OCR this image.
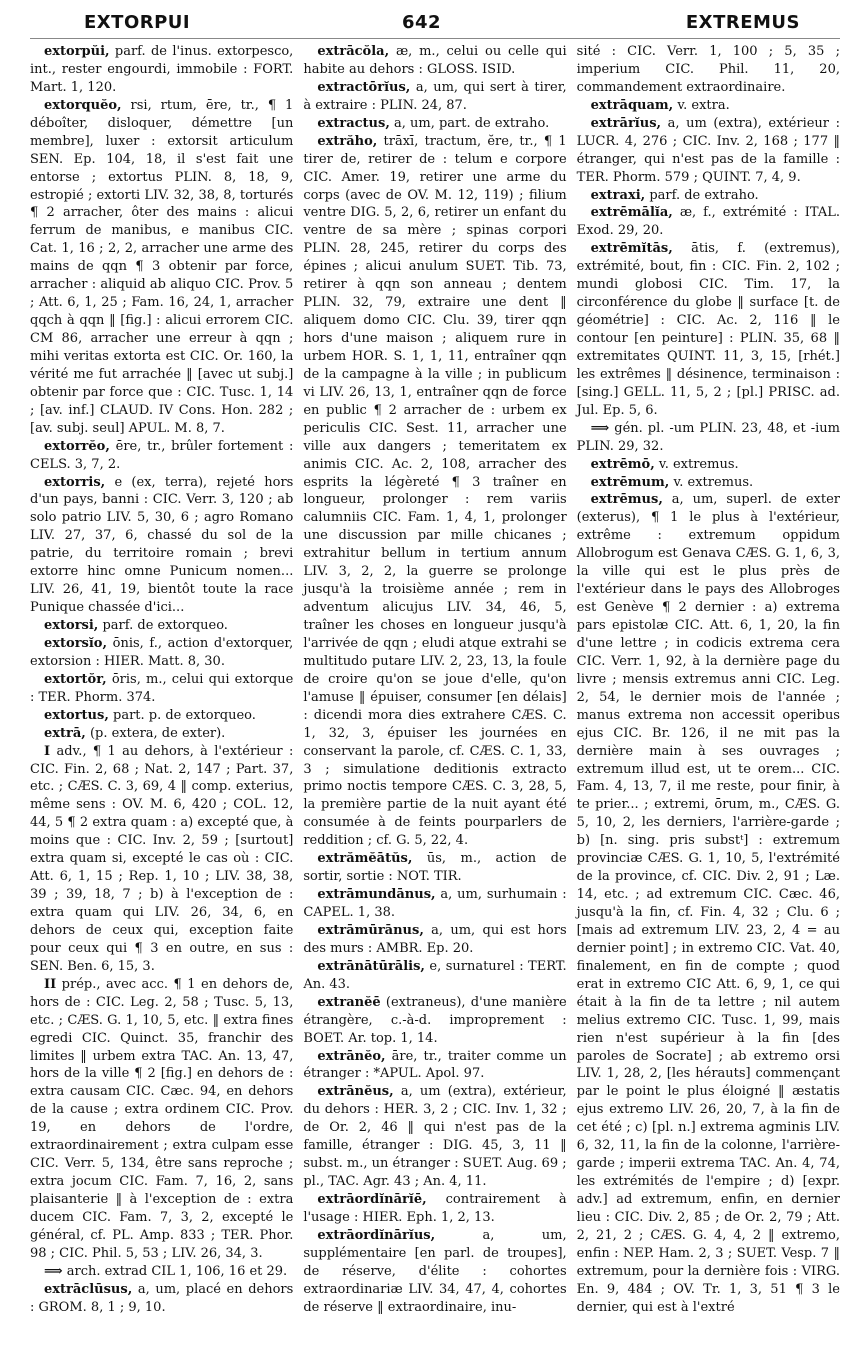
EXTORPUI	642	EXTREMUS

extorpŭi, parf. de l'inus. extorpesco, int., rester engourdi, immobile : FORT. Mart. 1, 120.

extorquĕo, rsi, rtum, ēre, tr., ¶ 1 déboîter, disloquer, démettre [un membre], luxer : extorsit articulum SEN. Ep. 104, 18, il s'est fait une entorse ; extortus PLIN. 8, 18, 9, estropié ; extorti LIV. 32, 38, 8, torturés ¶ 2 arracher, ôter des mains : alicui ferrum de manibus, e manibus CIC. Cat. 1, 16 ; 2, 2, arracher une arme des mains de qqn ¶ 3 obtenir par force, arracher : aliquid ab aliquo CIC. Prov. 5 ; Att. 6, 1, 25 ; Fam. 16, 24, 1, arracher qqch à qqn ‖ [fig.] : alicui errorem CIC. CM 86, arracher une erreur à qqn ; mihi veritas extorta est CIC. Or. 160, la vérité me fut arrachée ‖ [avec ut subj.] obtenir par force que : CIC. Tusc. 1, 14 ; [av. inf.] CLAUD. IV Cons. Hon. 282 ; [av. subj. seul] APUL. M. 8, 7.

extorrĕo, ēre, tr., brûler fortement : CELS. 3, 7, 2.

extorris, e (ex, terra), rejeté hors d'un pays, banni : CIC. Verr. 3, 120 ; ab solo patrio LIV. 5, 30, 6 ; agro Romano LIV. 27, 37, 6, chassé du sol de la patrie, du territoire romain ; brevi extorre hinc omne Punicum nomen... LIV. 26, 41, 19, bientôt toute la race Punique chassée d'ici...

extorsi, parf. de extorqueo.

extorsĭo, ōnis, f., action d'extorquer, extorsion : HIER. Matt. 8, 30.

extortŏr, ōris, m., celui qui extorque : TER. Phorm. 374.

extortus, part. p. de extorqueo.

extrā, (p. extera, de exter).

I adv., ¶ 1 au dehors, à l'extérieur : CIC. Fin. 2, 68 ; Nat. 2, 147 ; Part. 37, etc. ; CÆS. C. 3, 69, 4 ‖ comp. exterius, même sens : OV. M. 6, 420 ; COL. 12, 44, 5 ¶ 2 extra quam : a) excepté que, à moins que : CIC. Inv. 2, 59 ; [surtout] extra quam si, excepté le cas où : CIC. Att. 6, 1, 15 ; Rep. 1, 10 ; LIV. 38, 38, 39 ; 39, 18, 7 ; b) à l'exception de : extra quam qui LIV. 26, 34, 6, en dehors de ceux qui, exception faite pour ceux qui ¶ 3 en outre, en sus : SEN. Ben. 6, 15, 3.

II prép., avec acc. ¶ 1 en dehors de, hors de : CIC. Leg. 2, 58 ; Tusc. 5, 13, etc. ; CÆS. G. 1, 10, 5, etc. ‖ extra fines egredi CIC. Quinct. 35, franchir des limites ‖ urbem extra TAC. An. 13, 47, hors de la ville ¶ 2 [fig.] en dehors de : extra causam CIC. Cæc. 94, en dehors de la cause ; extra ordinem CIC. Prov. 19, en dehors de l'ordre, extraordinairement ; extra culpam esse CIC. Verr. 5, 134, être sans reproche ; extra jocum CIC. Fam. 7, 16, 2, sans plaisanterie ‖ à l'exception de : extra ducem CIC. Fam. 7, 3, 2, excepté le général, cf. PL. Amp. 833 ; TER. Phor. 98 ; CIC. Phil. 5, 53 ; LIV. 26, 34, 3.

⟹ arch. extrad CIL 1, 106, 16 et 29.

extrāclūsus, a, um, placé en dehors : GROM. 8, 1 ; 9, 10.

extrācŏla, æ, m., celui ou celle qui habite au dehors : GLOSS. ISID.

extractōrĭus, a, um, qui sert à tirer, à extraire : PLIN. 24, 87.

extractus, a, um, part. de extraho.

extrăho, trāxī, tractum, ĕre, tr., ¶ 1 tirer de, retirer de : telum e corpore CIC. Amer. 19, retirer une arme du corps (avec de OV. M. 12, 119) ; filium ventre DIG. 5, 2, 6, retirer un enfant du ventre de sa mère ; spinas corpori PLIN. 28, 245, retirer du corps des épines ; alicui anulum SUET. Tib. 73, retirer à qqn son anneau ; dentem PLIN. 32, 79, extraire une dent ‖ aliquem domo CIC. Clu. 39, tirer qqn hors d'une maison ; aliquem rure in urbem HOR. S. 1, 1, 11, entraîner qqn de la campagne à la ville ; in publicum vi LIV. 26, 13, 1, entraîner qqn de force en public ¶ 2 arracher de : urbem ex periculis CIC. Sest. 11, arracher une ville aux dangers ; temeritatem ex animis CIC. Ac. 2, 108, arracher des esprits la légèreté ¶ 3 traîner en longueur, prolonger : rem variis calumniis CIC. Fam. 1, 4, 1, prolonger une discussion par mille chicanes ; extrahitur bellum in tertium annum LIV. 3, 2, 2, la guerre se prolonge jusqu'à la troisième année ; rem in adventum alicujus LIV. 34, 46, 5, traîner les choses en longueur jusqu'à l'arrivée de qqn ; eludi atque extrahi se multitudo putare LIV. 2, 23, 13, la foule de croire qu'on se joue d'elle, qu'on l'amuse ‖ épuiser, consumer [en délais] : dicendi mora dies extrahere CÆS. C. 1, 32, 3, épuiser les journées en conservant la parole, cf. CÆS. C. 1, 33, 3 ; simulatione deditionis extracto primo noctis tempore CÆS. C. 3, 28, 5, la première partie de la nuit ayant été consumée à de feints pourparlers de reddition ; cf. G. 5, 22, 4.

extrămĕātŭs, ūs, m., action de sortir, sortie : NOT. TIR.

extrāmundānus, a, um, surhumain : CAPEL. 1, 38.

extrāmūrānus, a, um, qui est hors des murs : AMBR. Ep. 20.

extrānātūrālis, e, surnaturel : TERT. An. 43.

extranĕē (extraneus), d'une manière étrangère, c.-à-d. improprement : BOET. Ar. top. 1, 14.

extrānĕo, āre, tr., traiter comme un étranger : *APUL. Apol. 97.

extrānĕus, a, um (extra), extérieur, du dehors : HER. 3, 2 ; CIC. Inv. 1, 32 ; de Or. 2, 46 ‖ qui n'est pas de la famille, étranger : DIG. 45, 3, 11 ‖ subst. m., un étranger : SUET. Aug. 69 ; pl., TAC. Agr. 43 ; An. 4, 11.

extrāordĭnārĭē, contrairement à l'usage : HIER. Eph. 1, 2, 13.

extrāordĭnārĭus,	a, um, supplémentaire [en parl. de troupes], de réserve, d'élite : cohortes extraordinariæ LIV. 34, 47, 4, cohortes de réserve ‖ extraordinaire, inu-

sité : CIC. Verr. 1, 100 ; 5, 35 ; imperium CIC. Phil. 11, 20, commandement extraordinaire.

extrāquam, v. extra.

extrārĭus, a, um (extra), extérieur : LUCR. 4, 276 ; CIC. Inv. 2, 168 ; 177 ‖ étranger, qui n'est pas de la famille : TER. Phorm. 579 ; QUINT. 7, 4, 9.

extraxi, parf. de extraho.

extrēmālĭa, æ, f., extrémité : ITAL. Exod. 29, 20.

extrēmĭtās, ātis, f. (extremus), extrémité, bout, fin : CIC. Fin. 2, 102 ; mundi globosi CIC. Tim. 17, la circonférence du globe ‖ surface [t. de géométrie] : CIC. Ac. 2, 116 ‖ le contour [en peinture] : PLIN. 35, 68 ‖ extremitates QUINT. 11, 3, 15, [rhét.] les extrêmes ‖ désinence, terminaison : [sing.] GELL. 11, 5, 2 ; [pl.] PRISC. ad. Jul. Ep. 5, 6.

⟹ gén. pl. -um PLIN. 23, 48, et -ium PLIN. 29, 32.

extrēmō, v. extremus.

extrēmum, v. extremus.

extrēmus, a, um, superl. de exter (exterus), ¶ 1 le plus à l'extérieur, extrême : extremum oppidum Allobrogum est Genava CÆS. G. 1, 6, 3, la ville qui est le plus près de l'extérieur dans le pays des Allobroges est Genève ¶ 2 dernier : a) extrema pars epistolæ CIC. Att. 6, 1, 20, la fin d'une lettre ; in codicis extrema cera CIC. Verr. 1, 92, à la dernière page du livre ; mensis extremus anni CIC. Leg. 2, 54, le dernier mois de l'année ; manus extrema non accessit operibus ejus CIC. Br. 126, il ne mit pas la dernière main à ses ouvrages ; extremum illud est, ut te orem... CIC. Fam. 4, 13, 7, il me reste, pour finir, à te prier... ; extremi, ōrum, m., CÆS. G. 5, 10, 2, les derniers, l'arrière-garde ; b) [n. sing. pris substᵗ] : extremum provinciæ CÆS. G. 1, 10, 5, l'extrémité de la province, cf. CIC. Div. 2, 91 ; Læ. 14, etc. ; ad extremum CIC. Cæc. 46, jusqu'à la fin, cf. Fin. 4, 32 ; Clu. 6 ; [mais ad extremum LIV. 23, 2, 4 = au dernier point] ; in extremo CIC. Vat. 40, finalement, en fin de compte ; quod erat in extremo CIC Att. 6, 9, 1, ce qui était à la fin de ta lettre ; nil autem melius extremo CIC. Tusc. 1, 99, mais rien n'est supérieur à la fin [des paroles de Socrate] ; ab extremo orsi LIV. 1, 28, 2, [les hérauts] commençant par le point le plus éloigné ‖ æstatis ejus extremo LIV. 26, 20, 7, à la fin de cet été ; c) [pl. n.] extrema agminis LIV. 6, 32, 11, la fin de la colonne, l'arrière-garde ; imperii extrema TAC. An. 4, 74, les extrémités de l'empire ; d) [expr. adv.] ad extremum, enfin, en dernier lieu : CIC. Div. 2, 85 ; de Or. 2, 79 ; Att. 2, 21, 2 ; CÆS. G. 4, 4, 2 ‖ extremo, enfin : NEP. Ham. 2, 3 ; SUET. Vesp. 7 ‖ extremum, pour la dernière fois : VIRG. En. 9, 484 ; OV. Tr. 1, 3, 51 ¶ 3 le dernier, qui est à l'extré
